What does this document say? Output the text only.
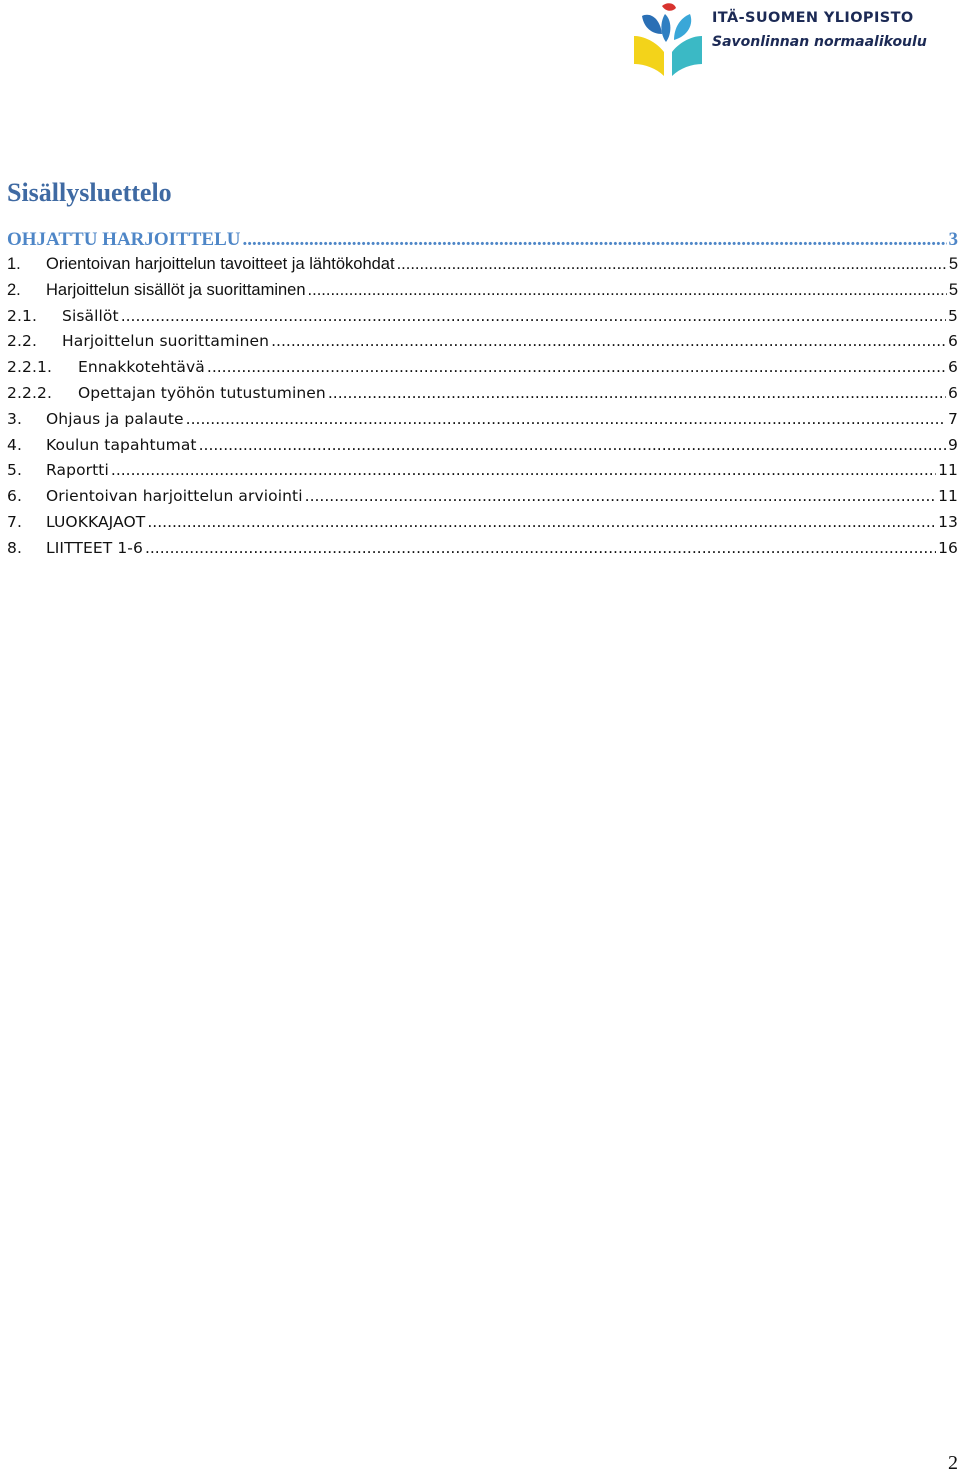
ITÄ-SUOMEN YLIOPISTO
Savonlinnan normaalikoulu
Sisällysluettelo
OHJATTU HARJOITTELU .....	3
1.	Orientoivan harjoittelun tavoitteet ja lähtökohdat .....	5
2.	Harjoittelun sisällöt ja suorittaminen .....	5
2.1.	Sisällöt .....	5
2.2.	Harjoittelun suorittaminen .....	6
2.2.1.	Ennakkotehtävä .....	6
2.2.2.	Opettajan työhön tutustuminen .....	6
3.	Ohjaus ja palaute .....	7
4.	Koulun tapahtumat .....	9
5.	Raportti .....	11
6.	Orientoivan harjoittelun arviointi .....	11
7.	LUOKKAJAOT .....	13
8.	LIITTEET 1-6 .....	16
2
